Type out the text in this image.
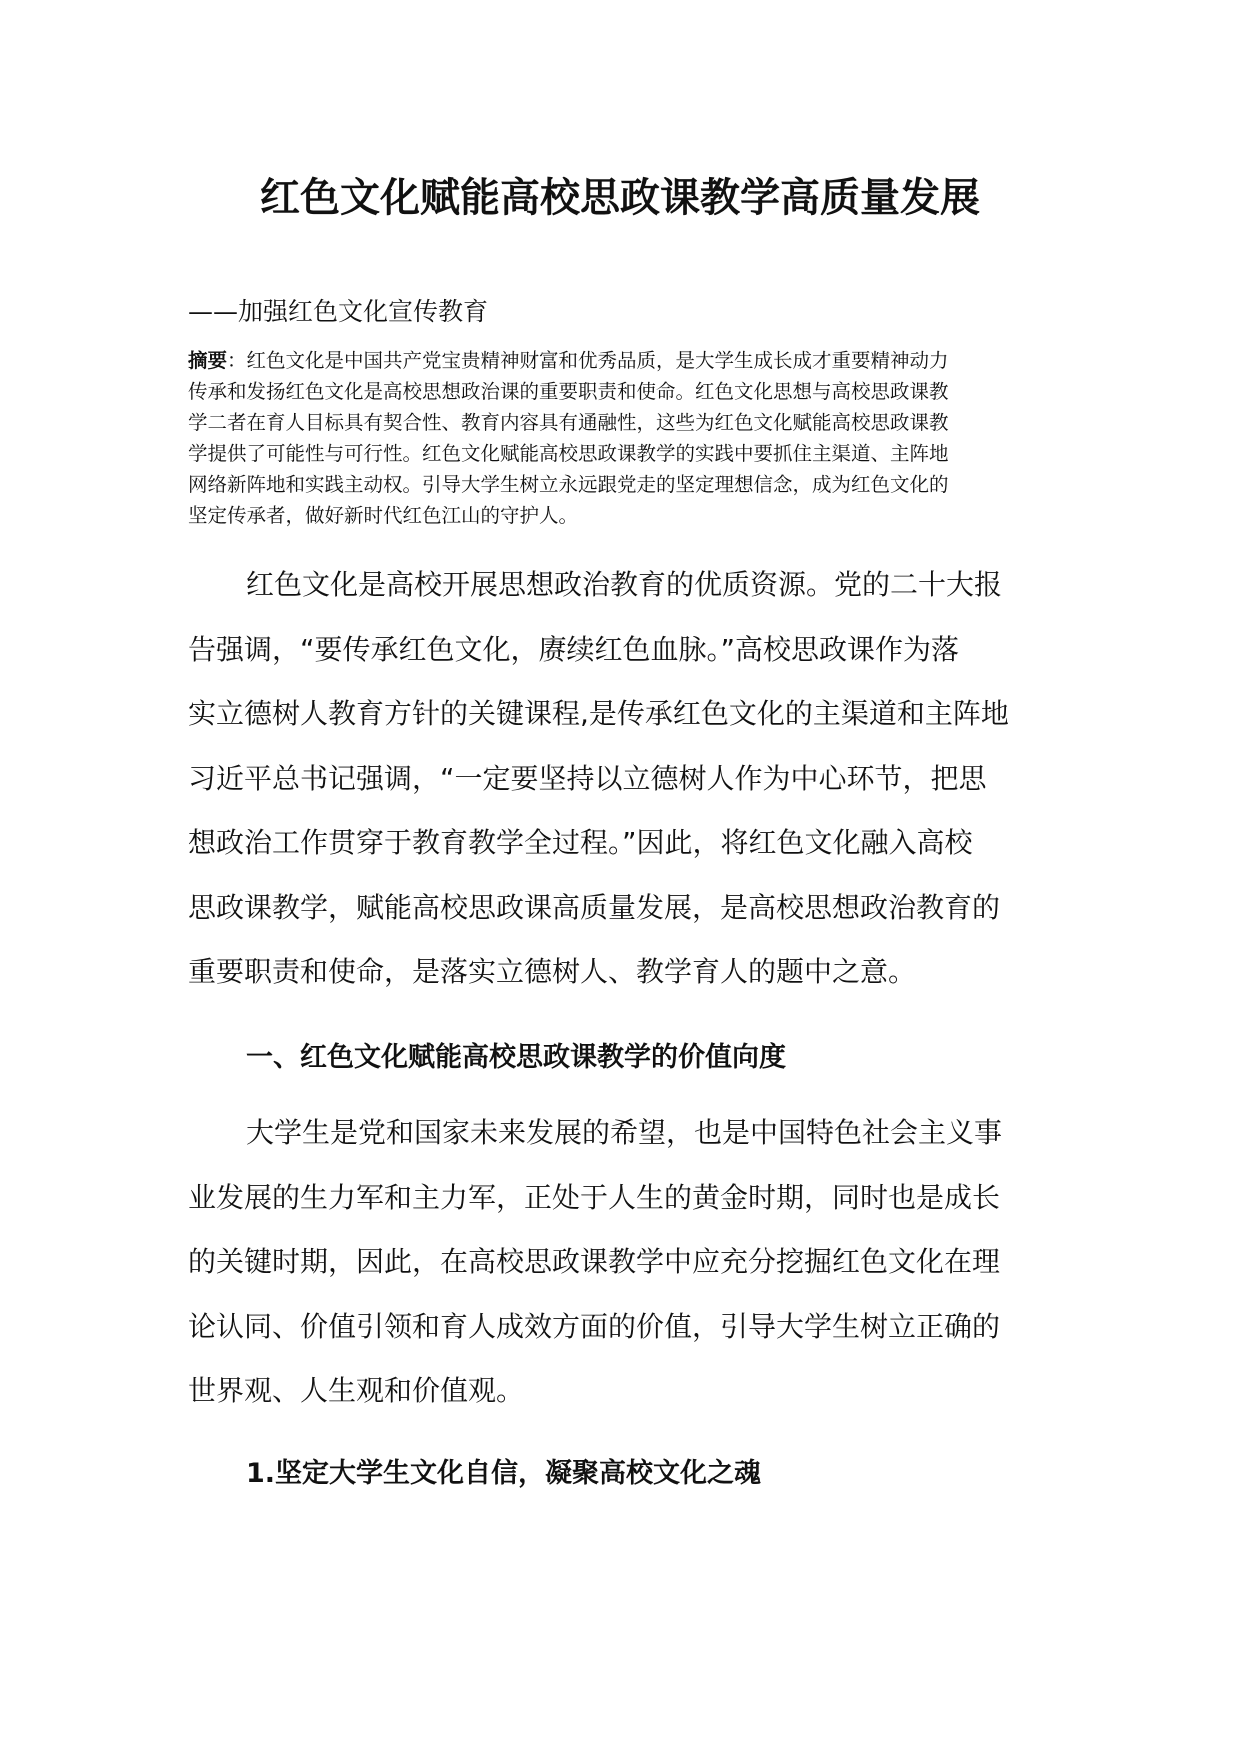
红色文化赋能高校思政课教学高质量发展
——加强红色文化宣传教育
摘要：红色文化是中国共产党宝贵精神财富和优秀品质，是大学生成长成才重要精神动力
传承和发扬红色文化是高校思想政治课的重要职责和使命。红色文化思想与高校思政课教
学二者在育人目标具有契合性、教育内容具有通融性，这些为红色文化赋能高校思政课教
学提供了可能性与可行性。红色文化赋能高校思政课教学的实践中要抓住主渠道、主阵地
网络新阵地和实践主动权。引导大学生树立永远跟党走的坚定理想信念，成为红色文化的
坚定传承者，做好新时代红色江山的守护人。
红色文化是高校开展思想政治教育的优质资源。党的二十大报
告强调，“要传承红色文化，赓续红色血脉。”高校思政课作为落
实立德树人教育方针的关键课程,是传承红色文化的主渠道和主阵地
习近平总书记强调，“一定要坚持以立德树人作为中心环节，把思
想政治工作贯穿于教育教学全过程。”因此，将红色文化融入高校
思政课教学，赋能高校思政课高质量发展，是高校思想政治教育的
重要职责和使命，是落实立德树人、教学育人的题中之意。
一、红色文化赋能高校思政课教学的价值向度
大学生是党和国家未来发展的希望，也是中国特色社会主义事
业发展的生力军和主力军，正处于人生的黄金时期，同时也是成长
的关键时期，因此，在高校思政课教学中应充分挖掘红色文化在理
论认同、价值引领和育人成效方面的价值，引导大学生树立正确的
世界观、人生观和价值观。
1.坚定大学生文化自信，凝聚高校文化之魂
